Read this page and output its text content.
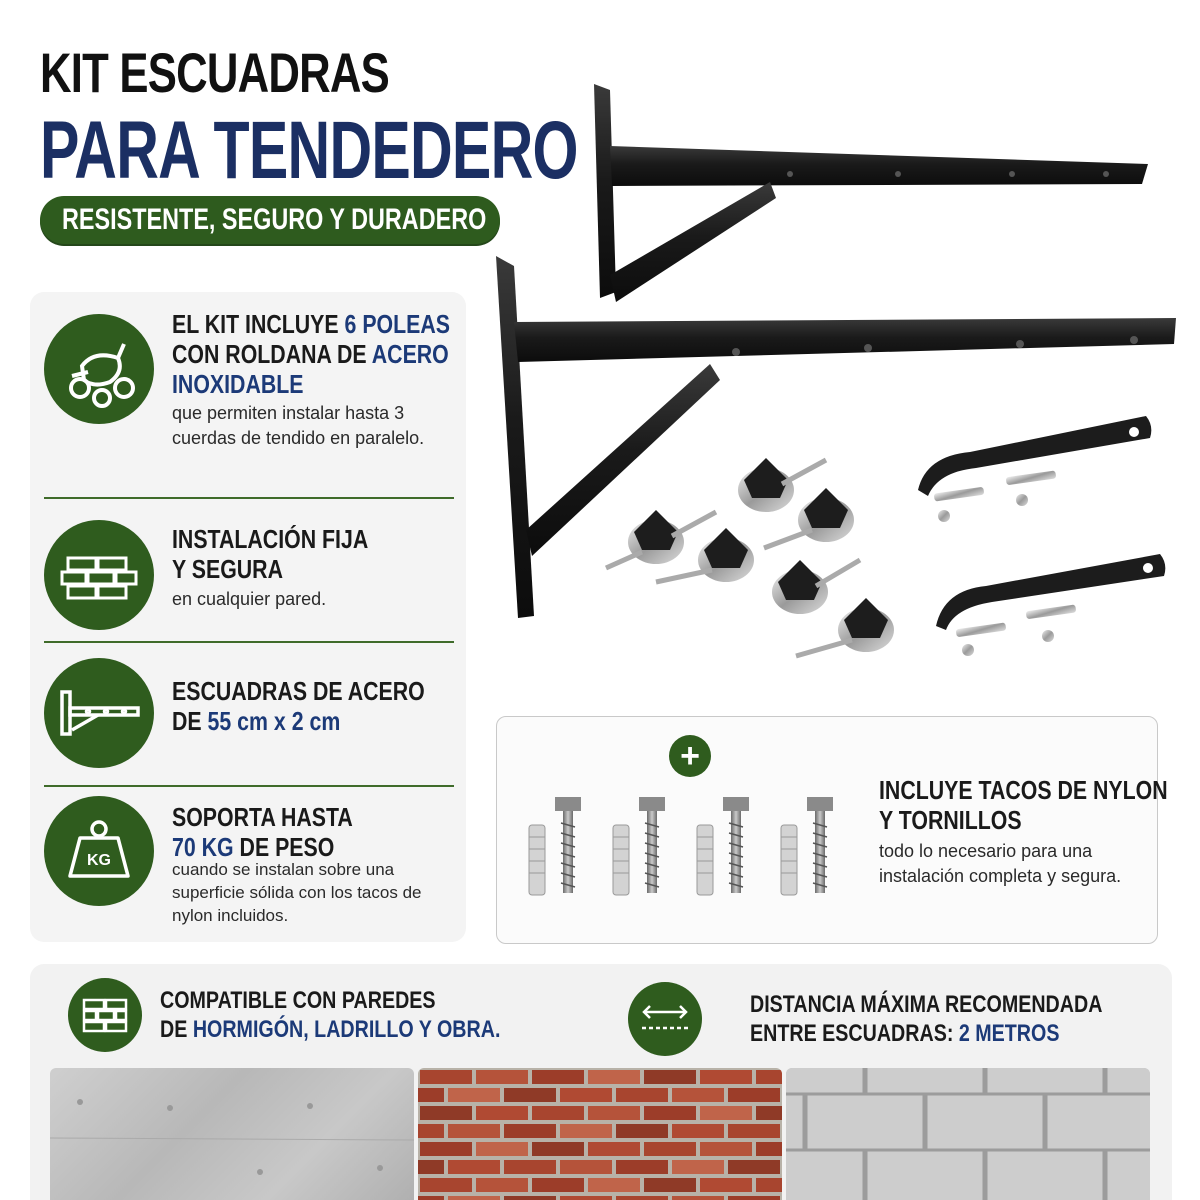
KIT ESCUADRAS
PARA TENDEDERO
RESISTENTE, SEGURO Y DURADERO
EL KIT INCLUYE 6 POLEAS
CON ROLDANA DE ACERO
INOXIDABLE
que permiten instalar hasta 3 cuerdas de tendido en paralelo.
INSTALACIÓN FIJA
Y SEGURA
en cualquier pared.
ESCUADRAS DE ACERO
DE 55 cm x 2 cm
KG
SOPORTA HASTA
70 KG DE PESO
cuando se instalan sobre una superficie sólida con los tacos de nylon incluidos.
+
INCLUYE TACOS DE NYLON
Y TORNILLOS
todo lo necesario para una instalación completa y segura.
COMPATIBLE CON PAREDES
DE HORMIGÓN, LADRILLO Y OBRA.
DISTANCIA MÁXIMA RECOMENDADA
ENTRE ESCUADRAS: 2 METROS
